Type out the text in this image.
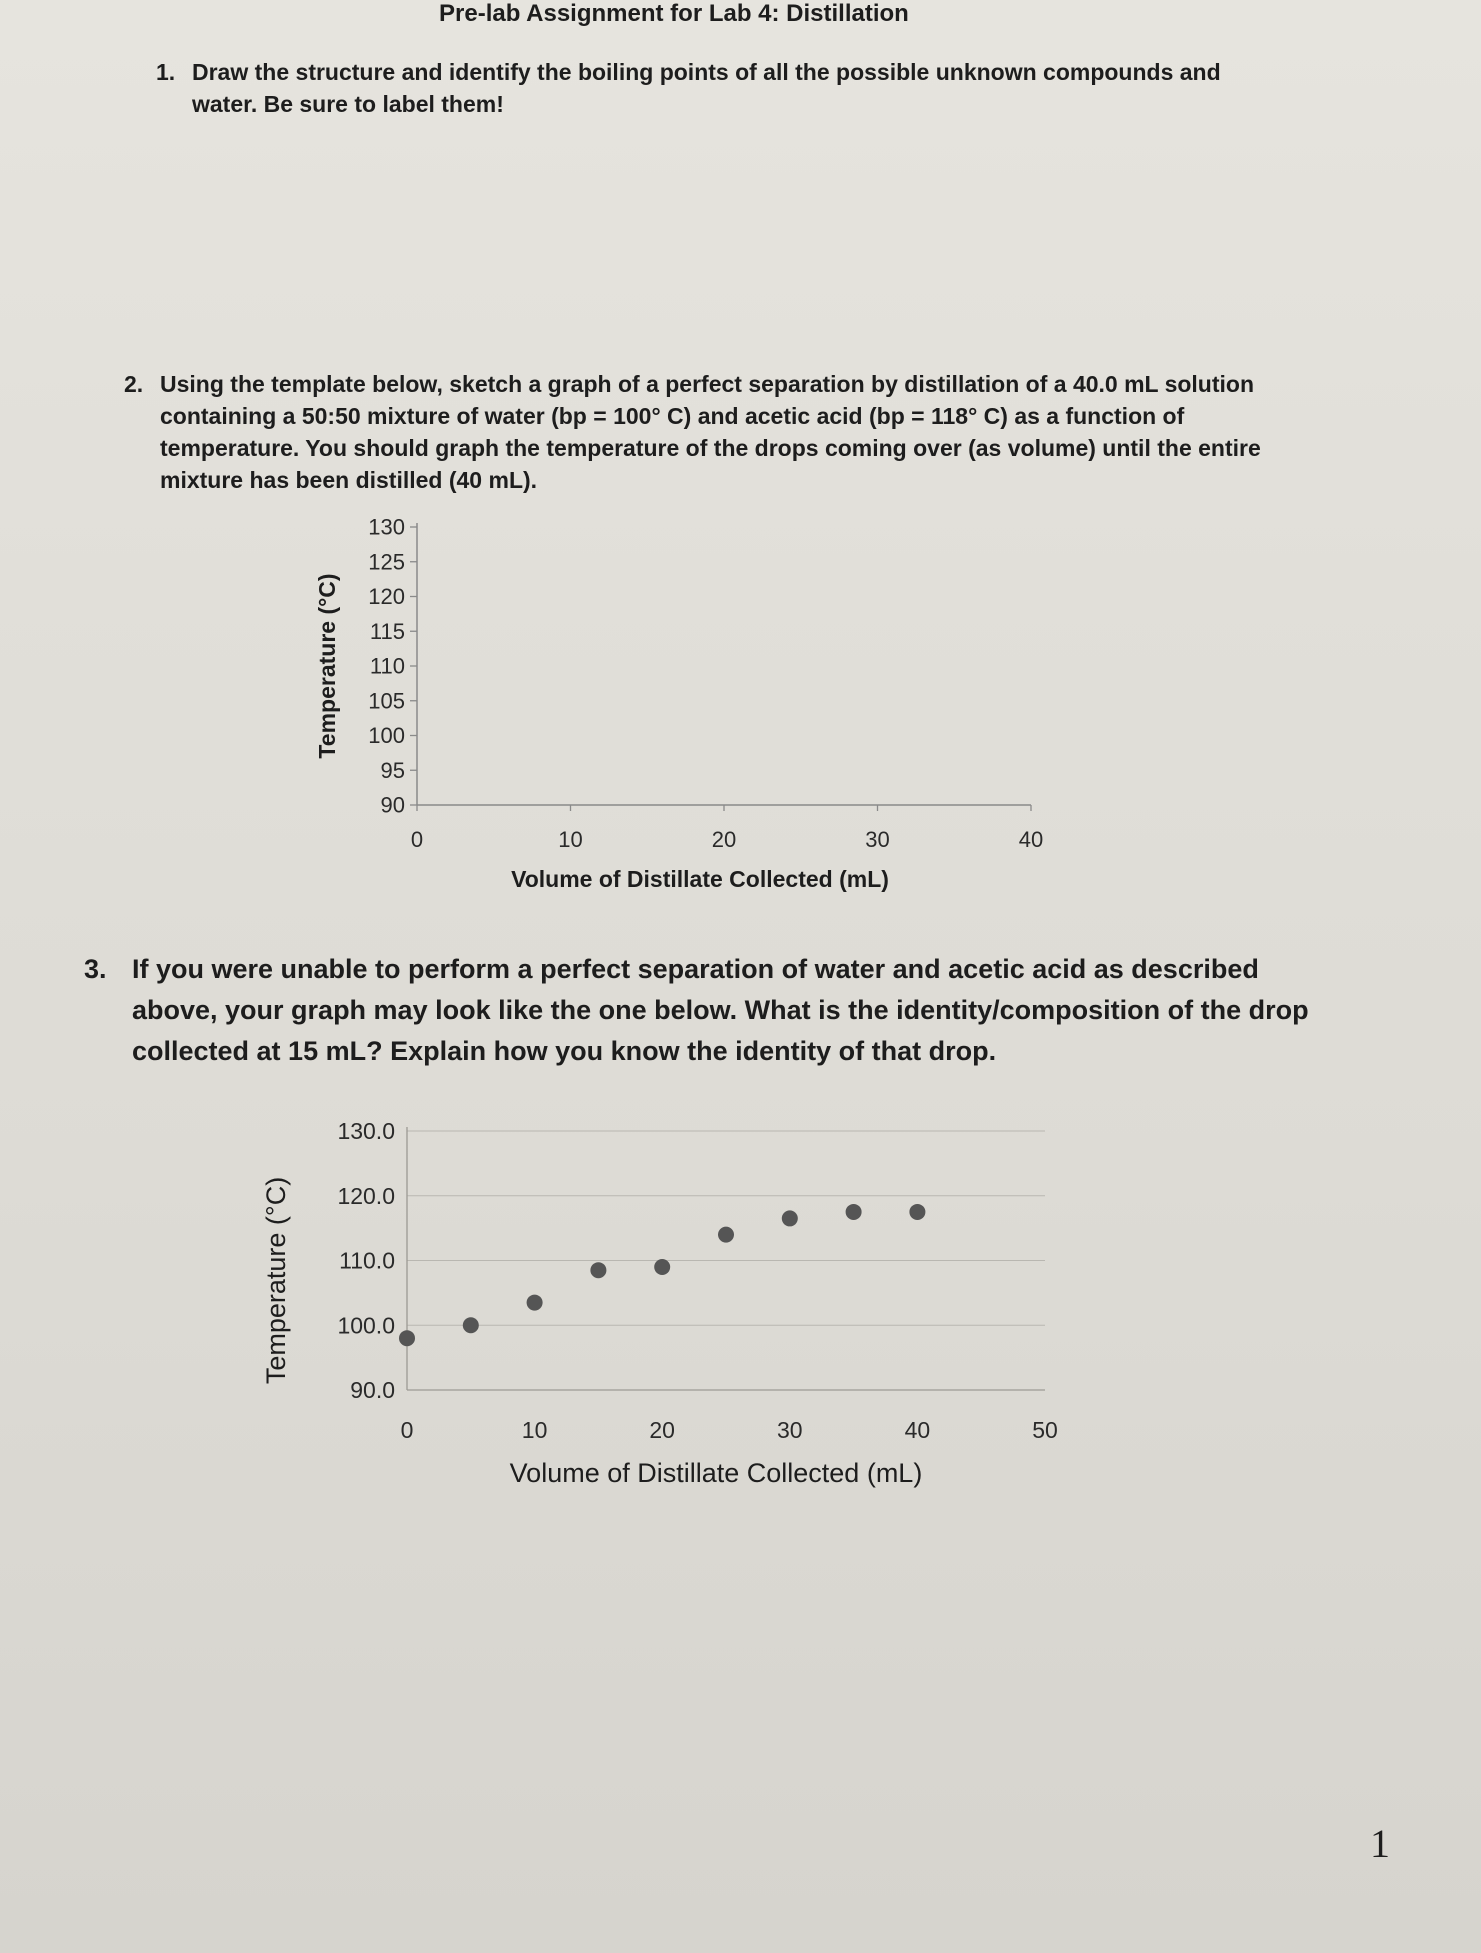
Pre-lab Assignment for Lab 4: Distillation
1. Draw the structure and identify the boiling points of all the possible unknown compounds and water. Be sure to label them!
2. Using the template below, sketch a graph of a perfect separation by distillation of a 40.0 mL solution containing a 50:50 mixture of water (bp = 100° C) and acetic acid (bp = 118° C) as a function of temperature. You should graph the temperature of the drops coming over (as volume) until the entire mixture has been distilled (40 mL).
90
95
100
105
110
115
120
125
130
0	10	20	30	40
Volume of Distillate Collected (mL)
Temperature (°C)
3. If you were unable to perform a perfect separation of water and acetic acid as described above, your graph may look like the one below. What is the identity/composition of the drop collected at 15 mL? Explain how you know the identity of that drop.
90.0
100.0
110.0
120.0
130.0
0	10	20	30	40	50
Volume of Distillate Collected (mL)
Temperature (°C)
1
